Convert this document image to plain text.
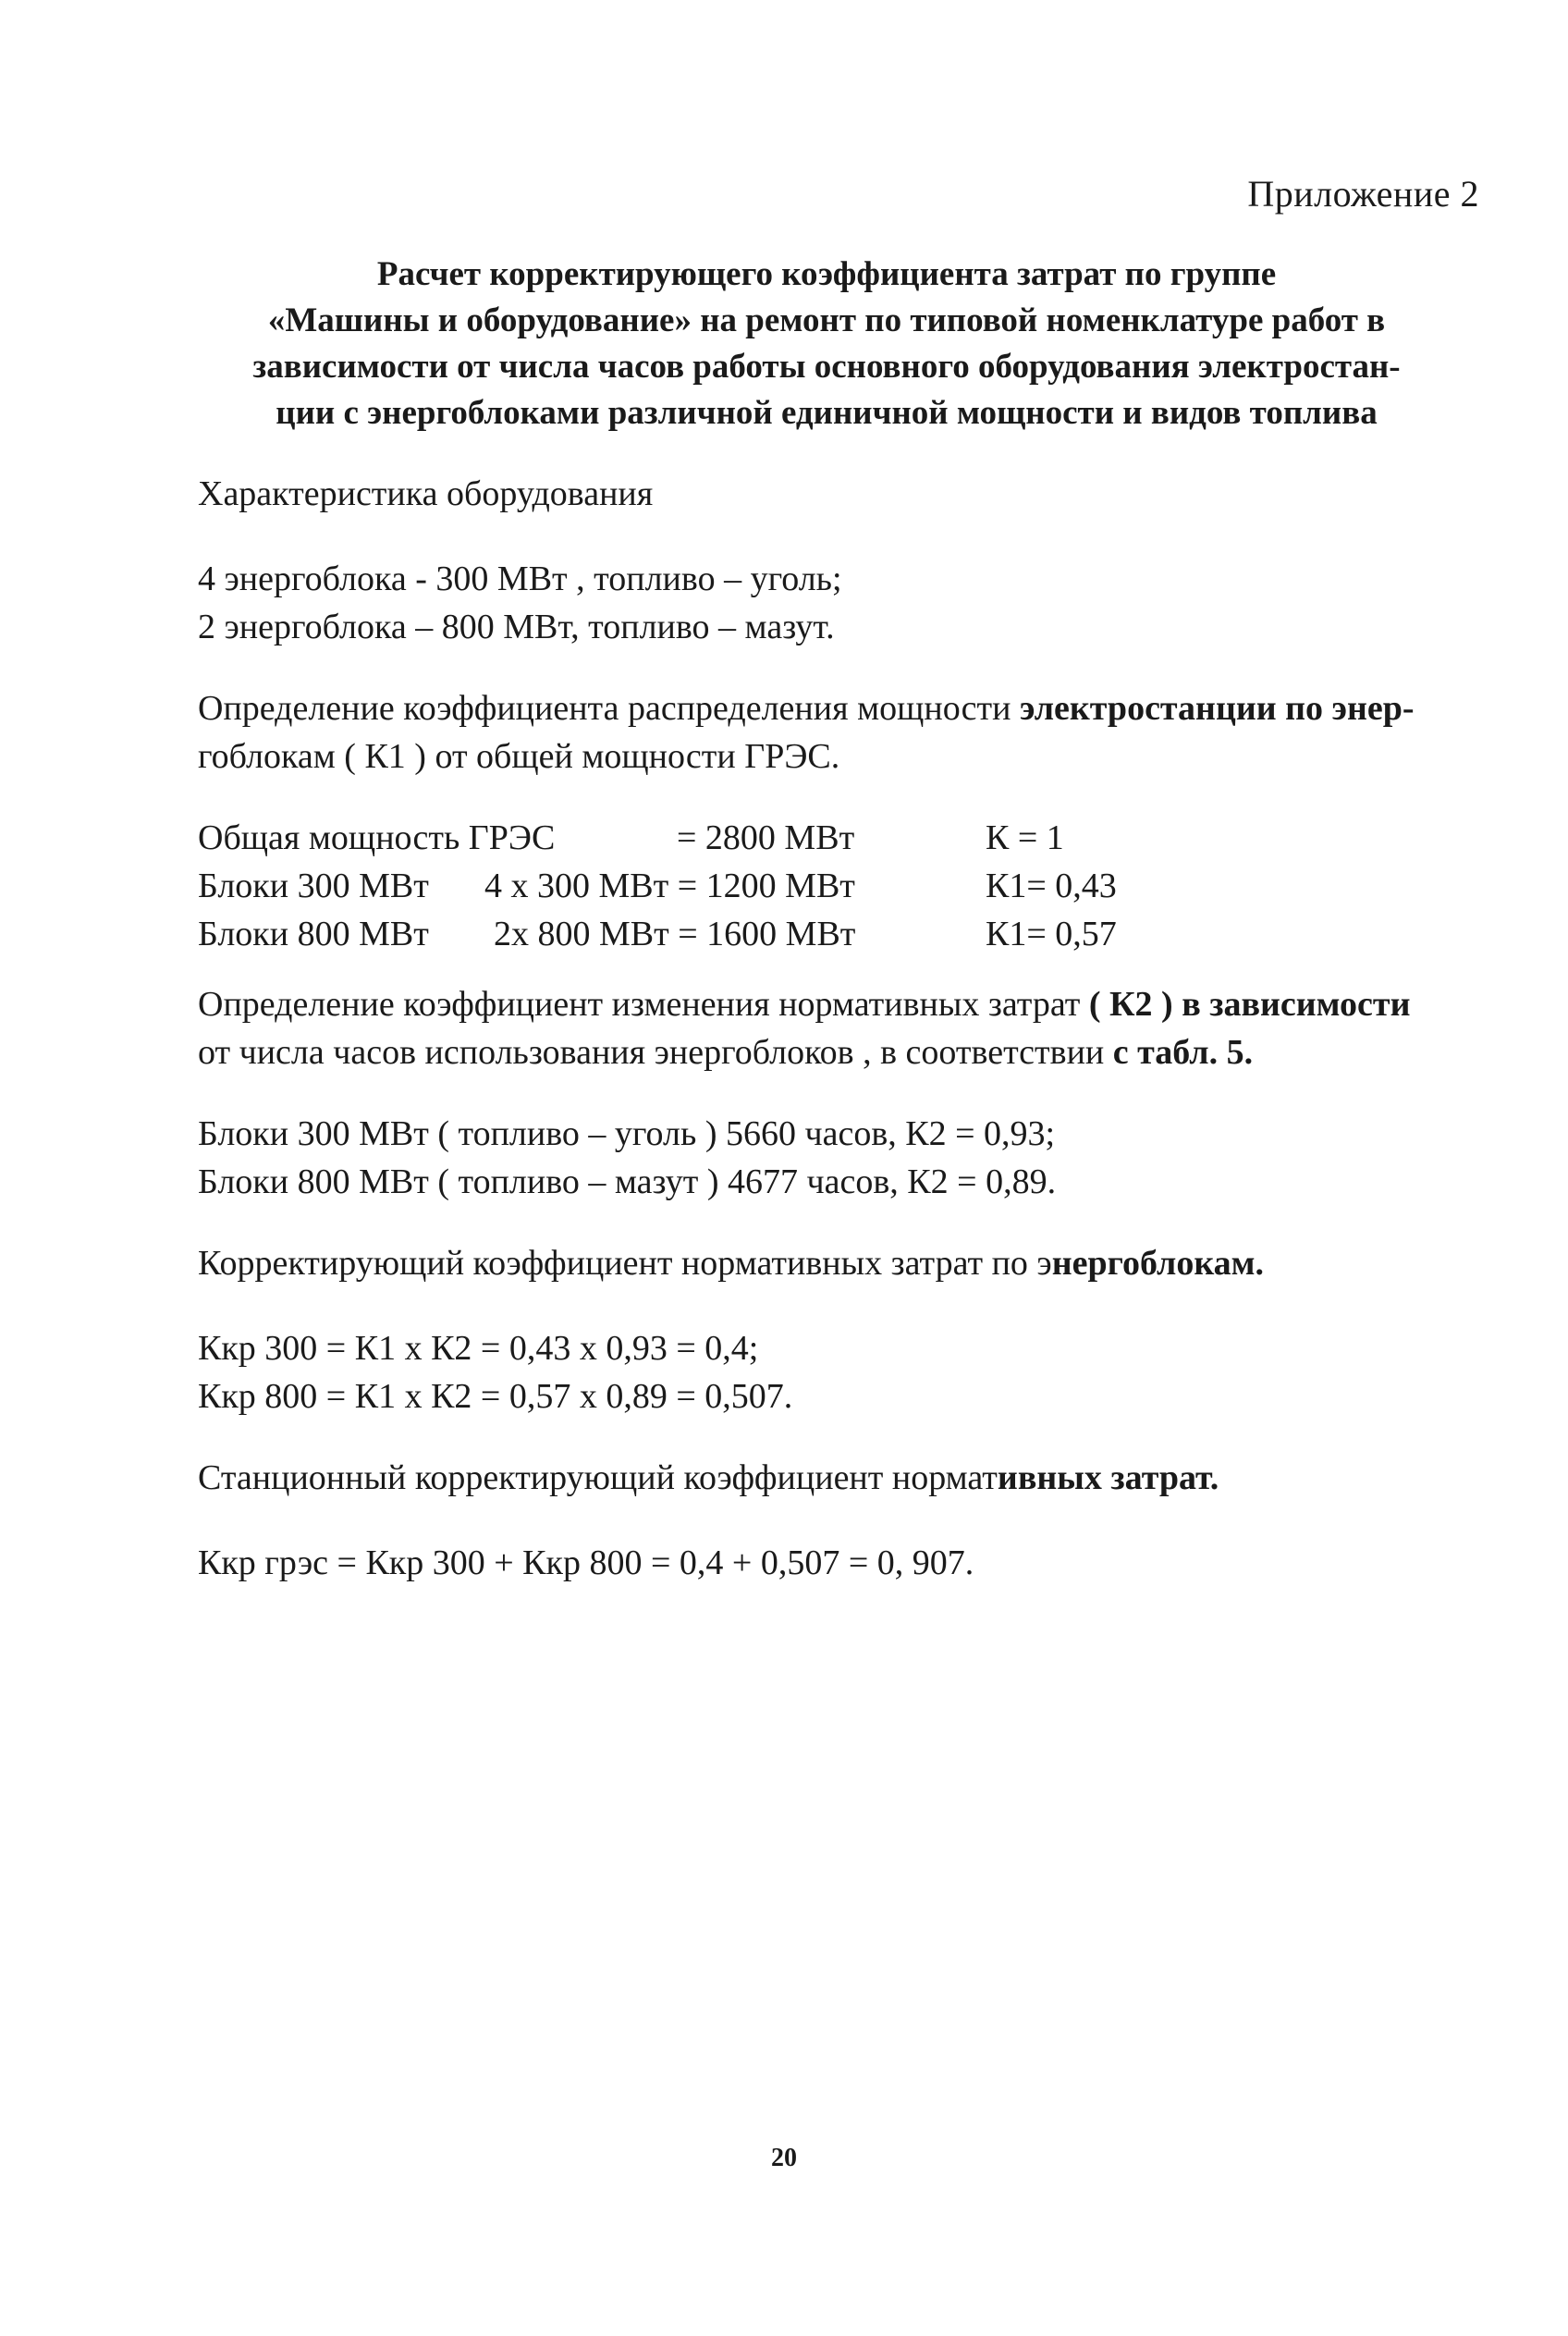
Приложение 2
Расчет корректирующего коэффициента затрат по группе
«Машины и оборудование» на ремонт по типовой номенклатуре работ в
зависимости от числа часов работы основного оборудования электростан-
ции с энергоблоками различной единичной мощности и видов топлива
Характеристика оборудования
4 энергоблока - 300 МВт , топливо – уголь;
2 энергоблока – 800 МВт, топливо – мазут.
Определение коэффициента распределения мощности электростанции по энер-
гоблокам ( К1 ) от общей мощности ГРЭС.
Общая мощность ГРЭС	= 2800 МВт	К = 1
Блоки 300 МВт 4 х 300 МВт = 1200 МВт	К1= 0,43
Блоки 800 МВт 2х 800 МВт = 1600 МВт	К1= 0,57
Определение коэффициент изменения нормативных затрат ( К2 ) в зависимости
от числа часов использования энергоблоков , в соответствии с табл. 5.
Блоки 300 МВт ( топливо – уголь ) 5660 часов, К2 = 0,93;
Блоки 800 МВт ( топливо – мазут ) 4677 часов, К2 = 0,89.
Корректирующий коэффициент нормативных затрат по энергоблокам.
Ккр 300 = К1 х К2 = 0,43 х 0,93 = 0,4;
Ккр 800 = К1 х К2 = 0,57 х 0,89 = 0,507.
Станционный корректирующий коэффициент нормативных затрат.
Ккр грэс = Ккр 300 + Ккр 800 = 0,4 + 0,507 = 0, 907.
20
